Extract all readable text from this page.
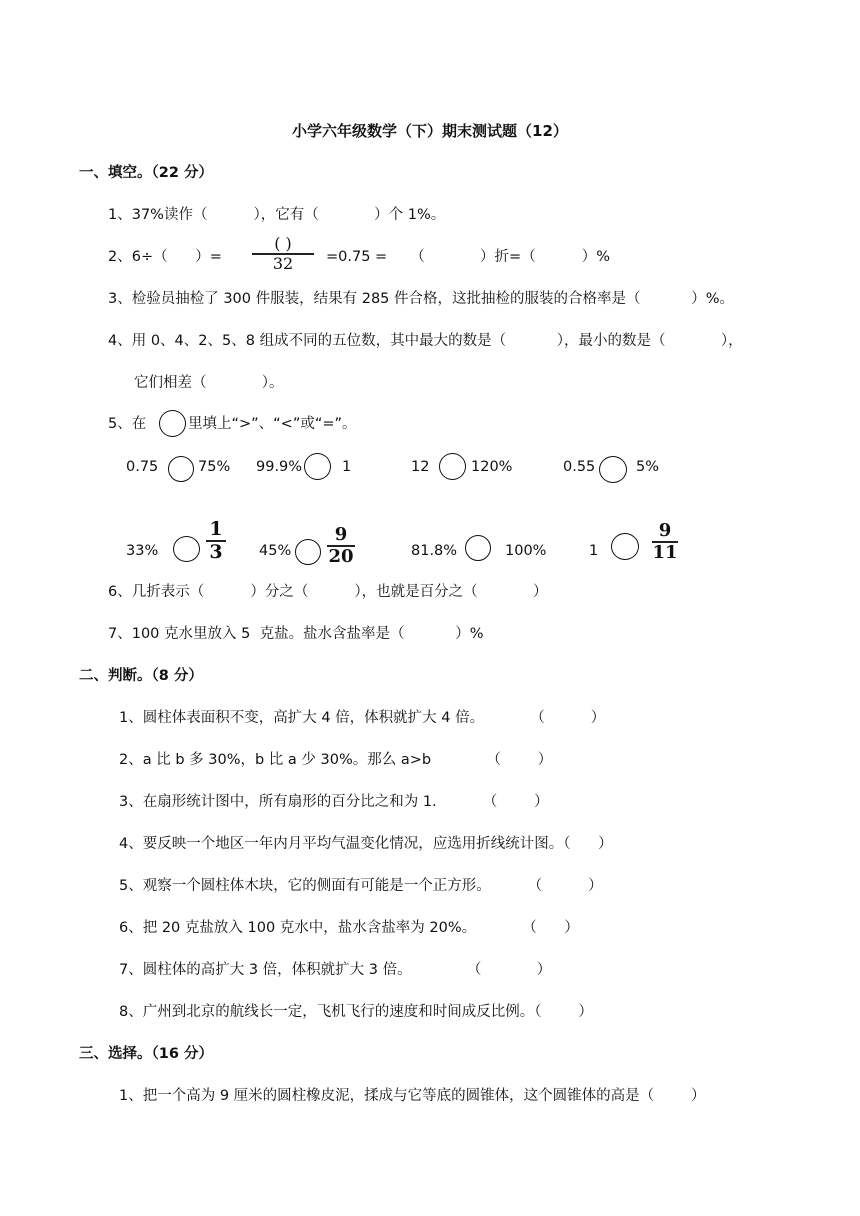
小学六年级数学（下）期末测试题（12）
一、填空。（22 分）
1、37%读作（          ），它有（            ）个 1%。
2、6÷（      ）=
( )
32	=0.75 =     （            ）折=（          ）%
3、检验员抽检了 300 件服装，结果有 285 件合格，这批抽检的服装的合格率是（           ）%。
4、用 0、4、2、5、8 组成不同的五位数，其中最大的数是（           ），最小的数是（            ），
它们相差（            ）。
5、在	里填上“>”、“<”或“=”。
0.75	75% 99.9%	1	12	120%	0.55	5%
33%
1
3	45%
9
20	81.8%	100%	1
9
11
6、几折表示（          ）分之（          ），也就是百分之（            ）
7、100 克水里放入 5  克盐。盐水含盐率是（           ）%
二、判断。（8 分）
1、圆柱体表面积不变，高扩大 4 倍，体积就扩大 4 倍。          （          ）
2、a 比 b 多 30%，b 比 a 少 30%。那么 a>b            （        ）
3、在扇形统计图中，所有扇形的百分比之和为 1.          （        ）
4、要反映一个地区一年内月平均气温变化情况，应选用折线统计图。（      ）
5、观察一个圆柱体木块，它的侧面有可能是一个正方形。        （          ）
6、把 20 克盐放入 100 克水中，盐水含盐率为 20%。          （      ）
7、圆柱体的高扩大 3 倍，体积就扩大 3 倍。            （            ）
8、广州到北京的航线长一定，飞机飞行的速度和时间成反比例。（        ）
三、选择。（16 分）
1、把一个高为 9 厘米的圆柱橡皮泥，揉成与它等底的圆锥体，这个圆锥体的高是（        ）
